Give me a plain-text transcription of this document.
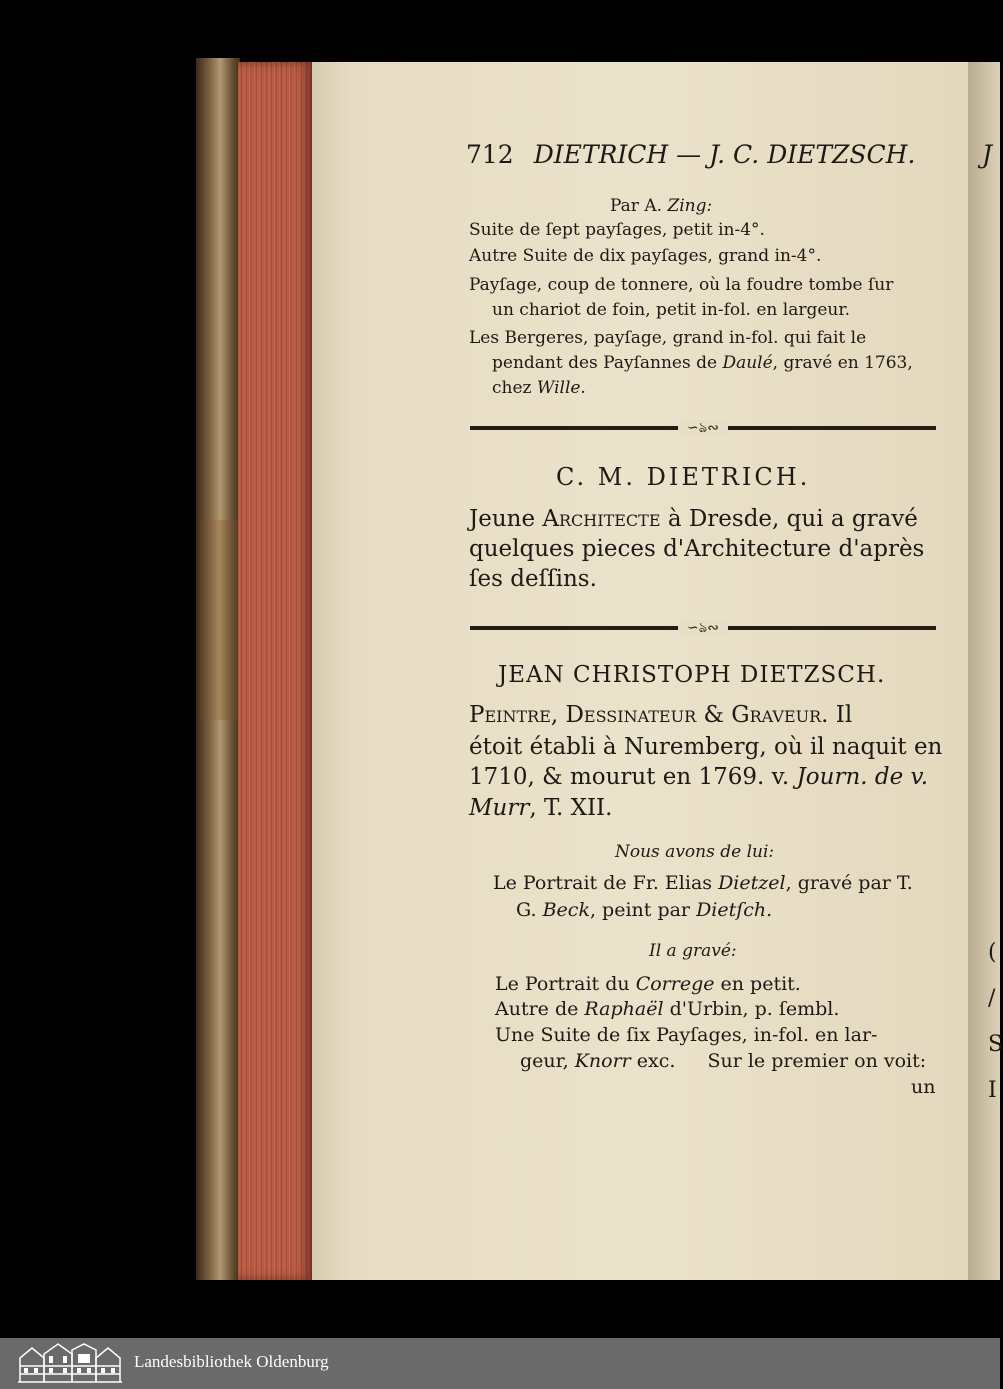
J
( / S I
712 DIETRICH — J. C. DIETZSCH.
Par A. Zing:
Suite de ſept payſages, petit in-4°.
Autre Suite de dix payſages, grand in-4°.
Payſage, coup de tonnere, où la foudre tombe ſur
un chariot de foin, petit in-fol. en largeur.
Les Bergeres, payſage, grand in-fol. qui fait le
pendant des Payſannes de Daulé, gravé en 1763,
chez Wille.
∽ঌ∾
C. M. DIETRICH.
Jeune Architecte à Dresde, qui a gravé
quelques pieces d'Architecture d'après
ſes deſſins.
∽ঌ∾
JEAN CHRISTOPH DIETZSCH.
Peintre, Dessinateur & Graveur. Il
étoit établi à Nuremberg, où il naquit en
1710, & mourut en 1769. v. Journ. de v.
Murr, T. XII.
Nous avons de lui:
Le Portrait de Fr. Elias Dietzel, gravé par T.
G. Beck, peint par Dietſch.
Il a gravé:
Le Portrait du Correge en petit.
Autre de Raphaël d'Urbin, p. ſembl.
Une Suite de ſix Payſages, in-fol. en lar-
geur, Knorr exc. Sur le premier on voit:
un
Landesbibliothek Oldenburg
